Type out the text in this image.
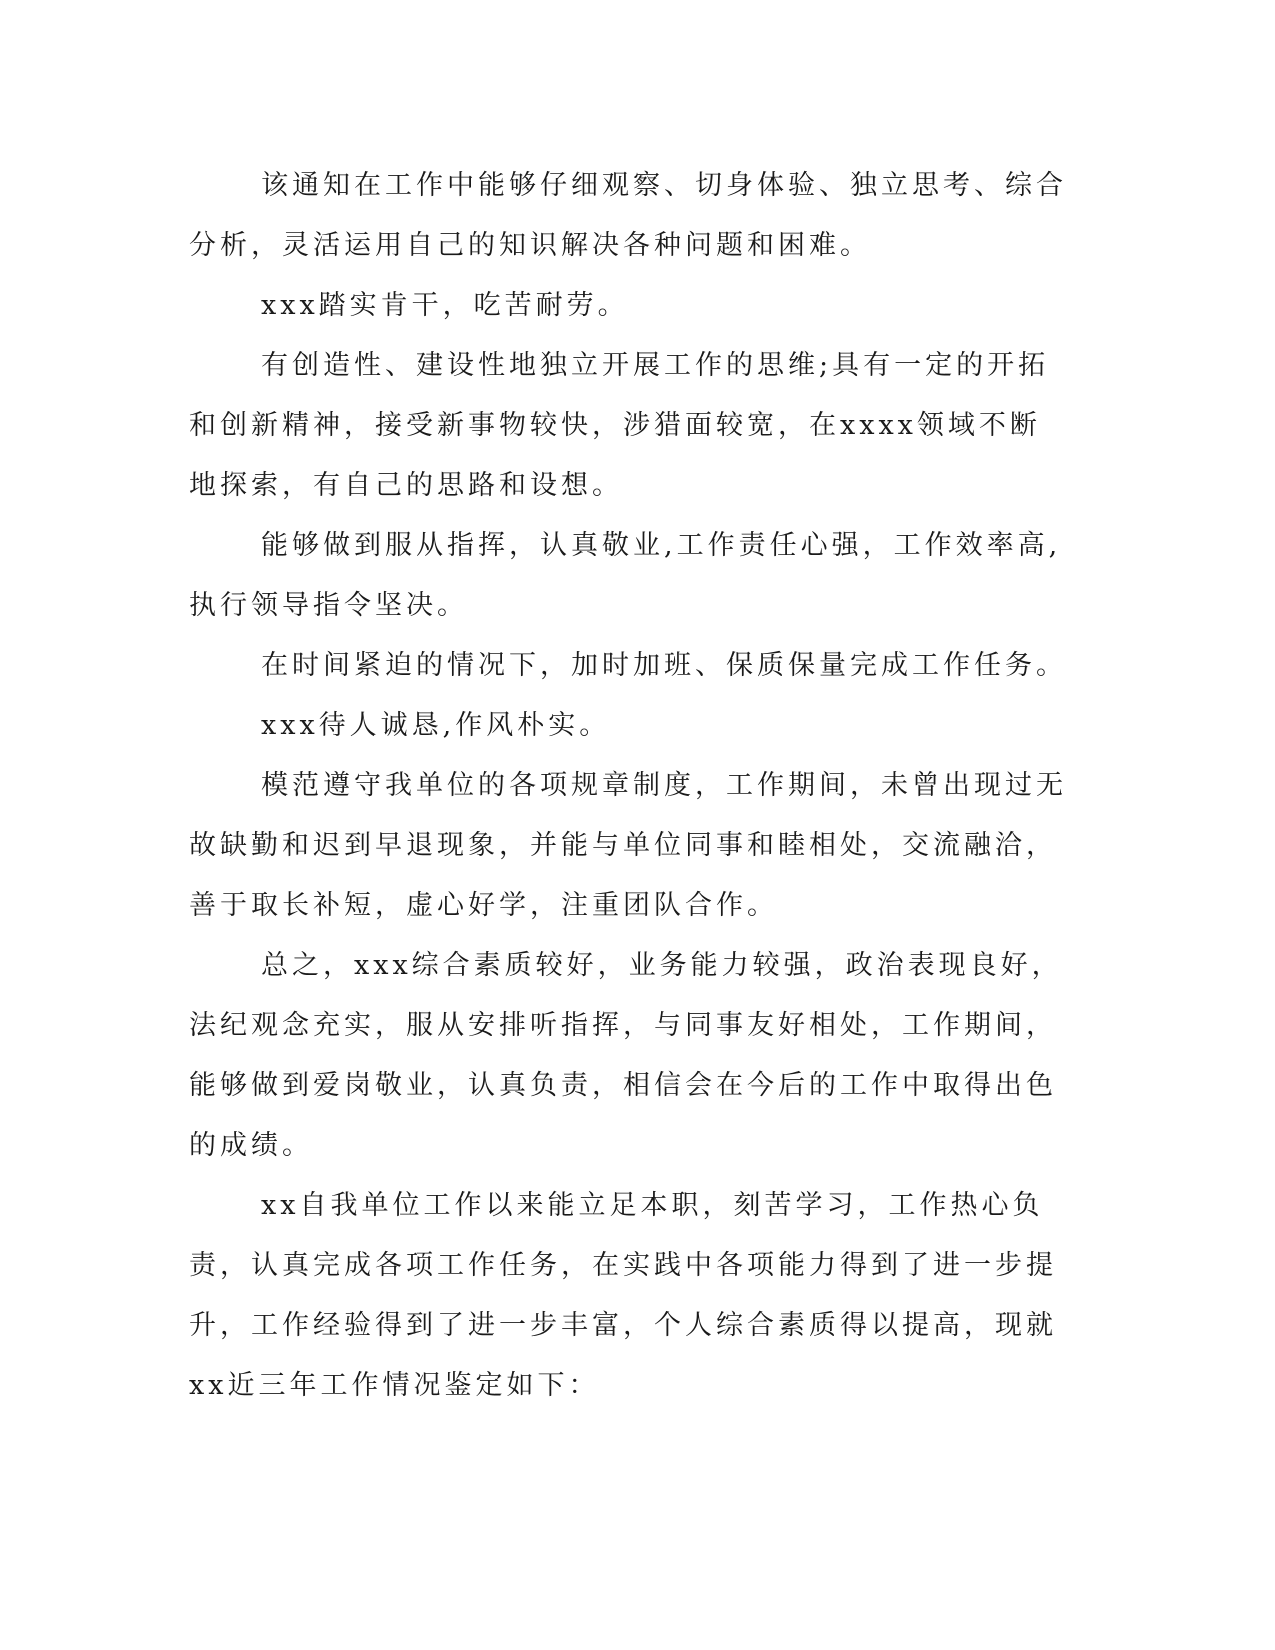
该通知在工作中能够仔细观察、切身体验、独立思考、综合分析，灵活运用自己的知识解决各种问题和困难。

xxx踏实肯干，吃苦耐劳。

有创造性、建设性地独立开展工作的思维;具有一定的开拓和创新精神，接受新事物较快，涉猎面较宽，在xxxx领域不断地探索，有自己的思路和设想。

能够做到服从指挥，认真敬业,工作责任心强，工作效率高,执行领导指令坚决。

在时间紧迫的情况下，加时加班、保质保量完成工作任务。

xxx待人诚恳,作风朴实。

模范遵守我单位的各项规章制度，工作期间，未曾出现过无故缺勤和迟到早退现象，并能与单位同事和睦相处，交流融洽，善于取长补短，虚心好学，注重团队合作。

总之，xxx综合素质较好，业务能力较强，政治表现良好，法纪观念充实，服从安排听指挥，与同事友好相处，工作期间，能够做到爱岗敬业，认真负责，相信会在今后的工作中取得出色的成绩。

xx自我单位工作以来能立足本职，刻苦学习，工作热心负责，认真完成各项工作任务，在实践中各项能力得到了进一步提升，工作经验得到了进一步丰富，个人综合素质得以提高，现就xx近三年工作情况鉴定如下：
